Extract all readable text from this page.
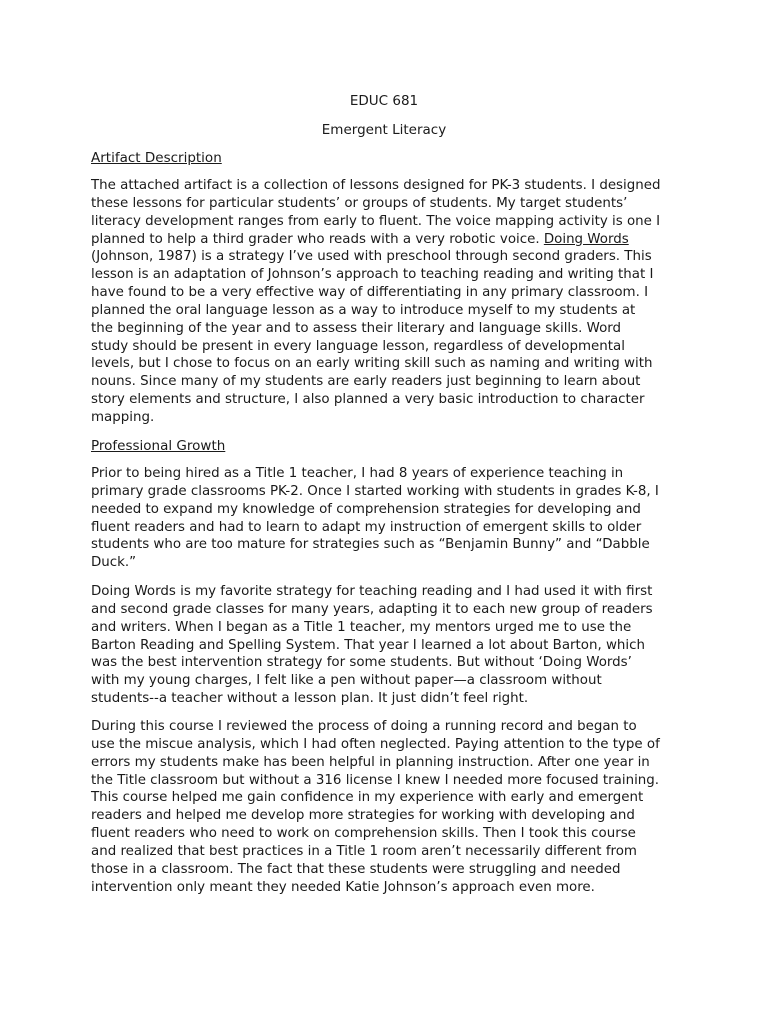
EDUC 681

Emergent Literacy

Artifact Description
The attached artifact is a collection of lessons designed for PK-3 students. I designed
these lessons for particular students’ or groups of students. My target students’
literacy development ranges from early to fluent. The voice mapping activity is one I
planned to help a third grader who reads with a very robotic voice. Doing Words
(Johnson, 1987) is a strategy I’ve used with preschool through second graders. This
lesson is an adaptation of Johnson’s approach to teaching reading and writing that I
have found to be a very effective way of differentiating in any primary classroom. I
planned the oral language lesson as a way to introduce myself to my students at
the beginning of the year and to assess their literary and language skills. Word
study should be present in every language lesson, regardless of developmental
levels, but I chose to focus on an early writing skill such as naming and writing with
nouns. Since many of my students are early readers just beginning to learn about
story elements and structure, I also planned a very basic introduction to character
mapping.
Professional Growth
Prior to being hired as a Title 1 teacher, I had 8 years of experience teaching in
primary grade classrooms PK-2. Once I started working with students in grades K-8, I
needed to expand my knowledge of comprehension strategies for developing and
fluent readers and had to learn to adapt my instruction of emergent skills to older
students who are too mature for strategies such as “Benjamin Bunny” and “Dabble
Duck.”
Doing Words is my favorite strategy for teaching reading and I had used it with first
and second grade classes for many years, adapting it to each new group of readers
and writers. When I began as a Title 1 teacher, my mentors urged me to use the
Barton Reading and Spelling System. That year I learned a lot about Barton, which
was the best intervention strategy for some students. But without ‘Doing Words’
with my young charges, I felt like a pen without paper—a classroom without
students--a teacher without a lesson plan. It just didn’t feel right.
During this course I reviewed the process of doing a running record and began to
use the miscue analysis, which I had often neglected. Paying attention to the type of
errors my students make has been helpful in planning instruction. After one year in
the Title classroom but without a 316 license I knew I needed more focused training.
This course helped me gain confidence in my experience with early and emergent
readers and helped me develop more strategies for working with developing and
fluent readers who need to work on comprehension skills. Then I took this course
and realized that best practices in a Title 1 room aren’t necessarily different from
those in a classroom. The fact that these students were struggling and needed
intervention only meant they needed Katie Johnson’s approach even more.
